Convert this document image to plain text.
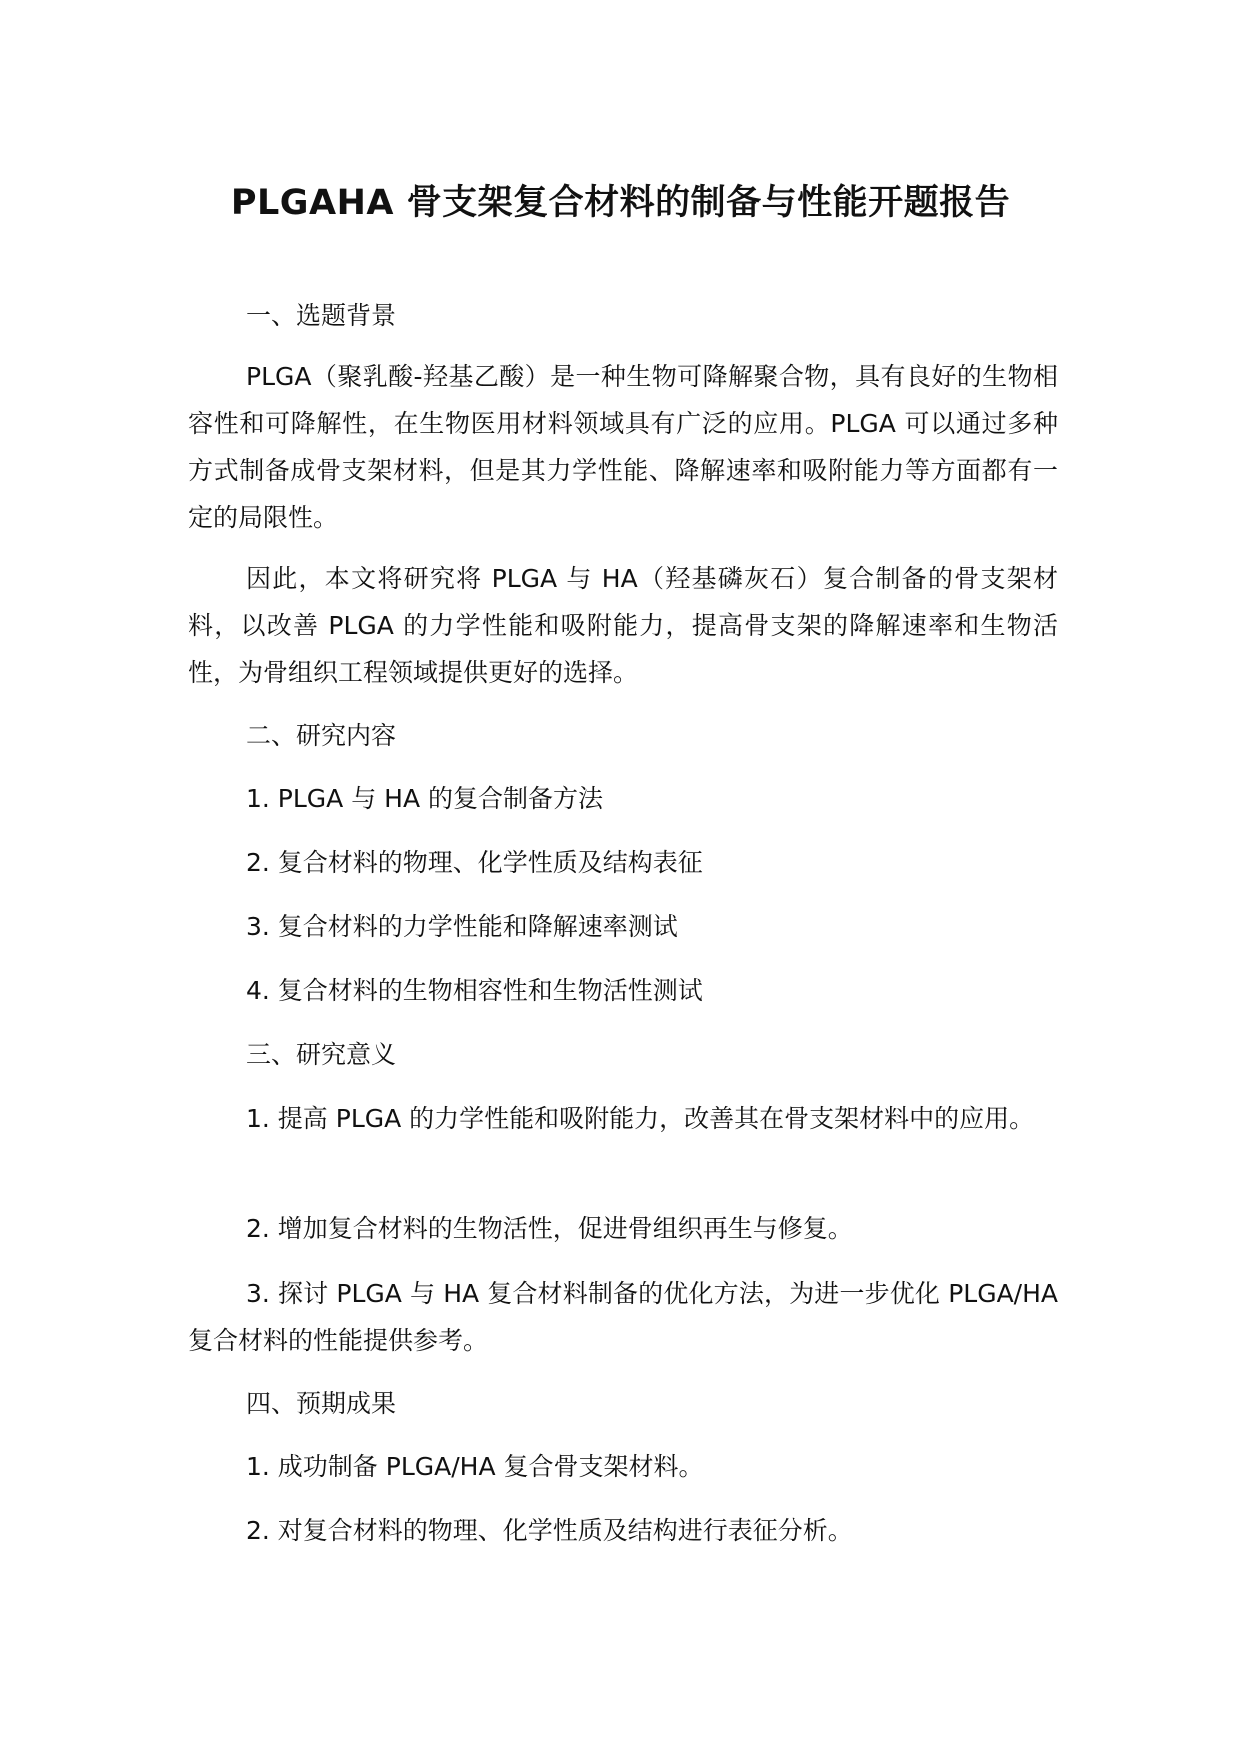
PLGAHA 骨支架复合材料的制备与性能开题报告
一、选题背景
PLGA（聚乳酸-羟基乙酸）是一种生物可降解聚合物，具有良好的生物相容性和可降解性，在生物医用材料领域具有广泛的应用。PLGA 可以通过多种方式制备成骨支架材料，但是其力学性能、降解速率和吸附能力等方面都有一定的局限性。
因此，本文将研究将 PLGA 与 HA（羟基磷灰石）复合制备的骨支架材料，以改善 PLGA 的力学性能和吸附能力，提高骨支架的降解速率和生物活性，为骨组织工程领域提供更好的选择。
二、研究内容
1. PLGA 与 HA 的复合制备方法
2. 复合材料的物理、化学性质及结构表征
3. 复合材料的力学性能和降解速率测试
4. 复合材料的生物相容性和生物活性测试
三、研究意义
1. 提高 PLGA 的力学性能和吸附能力，改善其在骨支架材料中的应用。
2. 增加复合材料的生物活性，促进骨组织再生与修复。
3. 探讨 PLGA 与 HA 复合材料制备的优化方法，为进一步优化 PLGA/HA 复合材料的性能提供参考。
四、预期成果
1. 成功制备 PLGA/HA 复合骨支架材料。
2. 对复合材料的物理、化学性质及结构进行表征分析。
